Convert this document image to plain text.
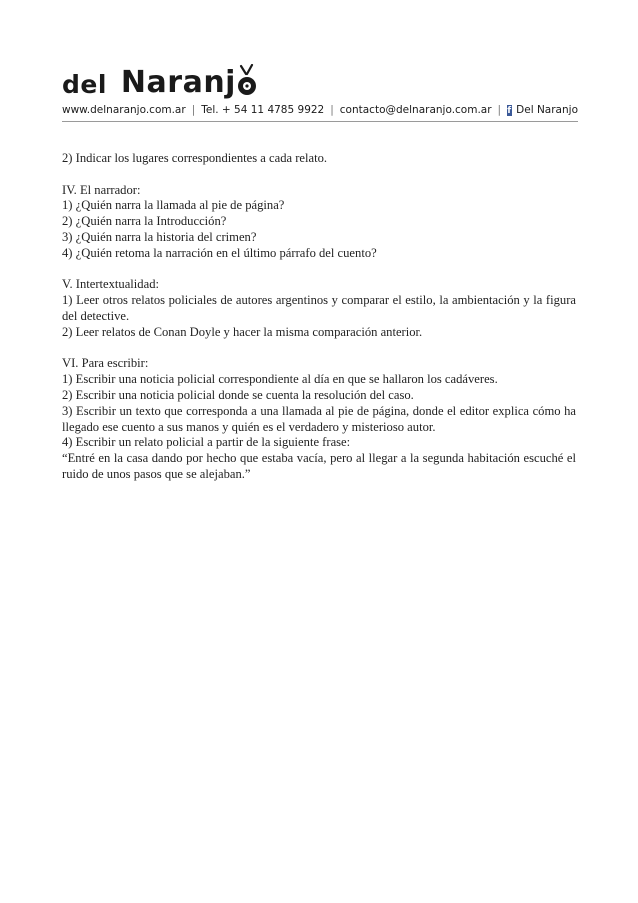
del Naranj
www.delnaranjo.com.ar | Tel. + 54 11 4785 9922 | contacto@delnaranjo.com.ar | f Del Naranjo

2) Indicar los lugares correspondientes a cada relato.

IV. El narrador:

1) ¿Quién narra la llamada al pie de página?

2) ¿Quién narra la Introducción?

3) ¿Quién narra la historia del crimen?

4) ¿Quién retoma la narración en el último párrafo del cuento?

V. Intertextualidad:

1) Leer otros relatos policiales de autores argentinos y comparar el estilo, la ambientación y la figura del detective.

2) Leer relatos de Conan Doyle y hacer la misma comparación anterior.

VI. Para escribir:

1) Escribir una noticia policial correspondiente al día en que se hallaron los cadáveres.

2) Escribir una noticia policial donde se cuenta la resolución del caso.

3) Escribir un texto que corresponda a una llamada al pie de página, donde el editor explica cómo ha llegado ese cuento a sus manos y quién es el verdadero y misterioso autor.

4) Escribir un relato policial a partir de la siguiente frase:

“Entré en la casa dando por hecho que estaba vacía, pero al llegar a la segunda habitación escuché el ruido de unos pasos que se alejaban.”
